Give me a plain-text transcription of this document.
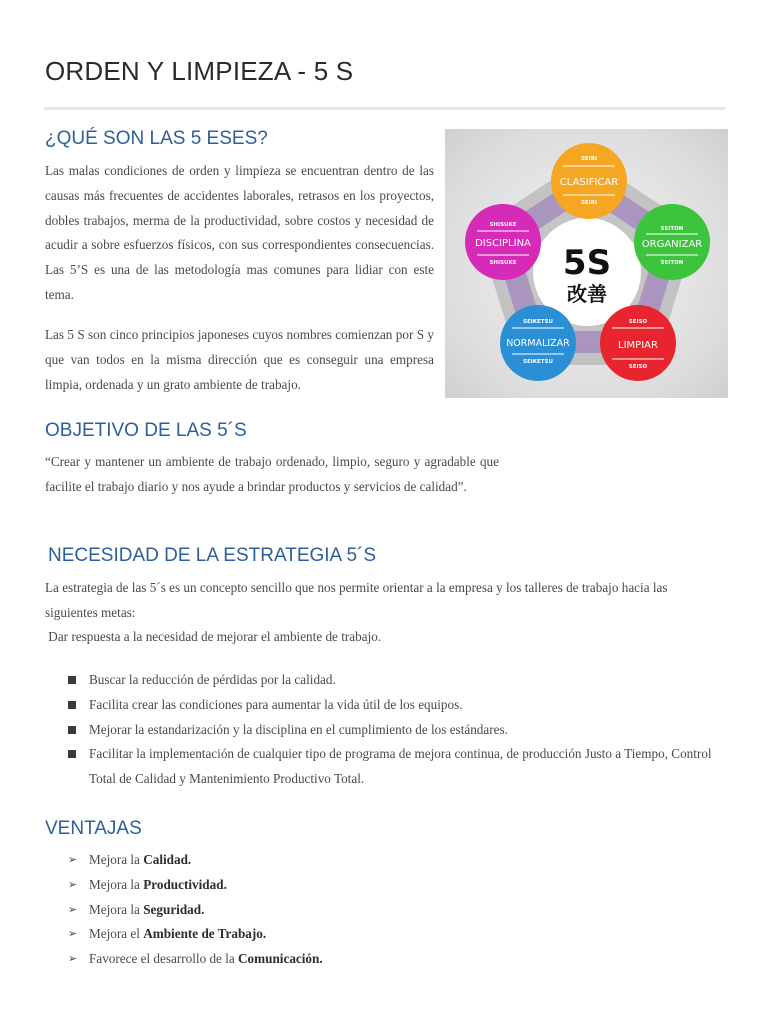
ORDEN Y LIMPIEZA - 5 S
¿QUÉ SON LAS 5 ESES?

Las malas condiciones de orden y limpieza se encuentran dentro de las causas más frecuentes de accidentes laborales, retrasos en los proyectos, dobles trabajos, merma de la productividad, sobre costos y necesidad de acudir a sobre esfuerzos físicos, con sus correspondientes consecuencias. Las 5’S es una de las metodología mas comunes para lidiar con este tema.

Las 5 S son cinco principios japoneses cuyos nombres comienzan por S y que van todos en la misma dirección que es conseguir una empresa limpia, ordenada y un grato ambiente de trabajo.

5S
改善
SEIRI
CLASIFICAR
SEIRI
SEITON
ORGANIZAR
SEITON
SEISO
LIMPIAR
SEISO
SEIKETSU
NORMALIZAR
SEIKETSU
SHISUKE
DISCIPLINA
SHISUKE
OBJETIVO DE LAS 5´S

“Crear y mantener un ambiente de trabajo ordenado, limpio, seguro y agradable que facilite el trabajo diario y nos ayude a brindar productos y servicios de calidad”.

NECESIDAD DE LA ESTRATEGIA 5´S

La estrategia de las 5´s es un concepto sencillo que nos permite orientar a la empresa y los talleres de trabajo hacia las siguientes metas:

Dar respuesta a la necesidad de mejorar el ambiente de trabajo.

Buscar la reducción de pérdidas por la calidad.
Facilita crear las condiciones para aumentar la vida útil de los equipos.
Mejorar la estandarización y la disciplina en el cumplimiento de los estándares.
Facilitar la implementación de cualquier tipo de programa de mejora continua, de producción Justo a Tiempo, Control Total de Calidad y Mantenimiento Productivo Total.
VENTAJAS
➢ Mejora la Calidad.
➢ Mejora la Productividad.
➢ Mejora la Seguridad.
➢ Mejora el Ambiente de Trabajo.
➢ Favorece el desarrollo de la Comunicación.
